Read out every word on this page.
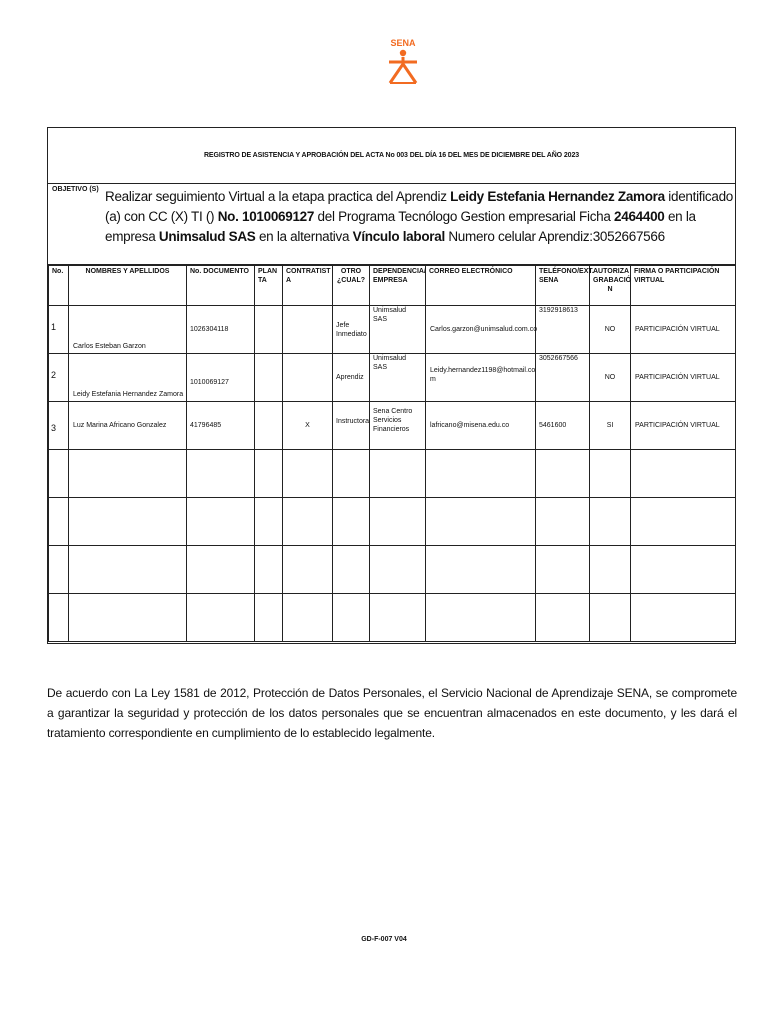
SENA
REGISTRO DE ASISTENCIA Y APROBACIÓN DEL ACTA No 003 DEL DÍA 16 DEL MES DE DICIEMBRE DEL AÑO 2023
OBJETIVO (S) Realizar seguimiento Virtual a la etapa practica del Aprendiz Leidy Estefania Hernandez Zamora identificado (a) con CC (X) TI () No. 1010069127 del Programa Tecnólogo Gestion empresarial Ficha 2464400 en la empresa Unimsalud SAS en la alternativa Vínculo laboral Numero celular Aprendiz:3052667566
No.	NOMBRES Y APELLIDOS	No. DOCUMENTO	PLAN TA	CONTRATIST A	OTRO ¿CUAL?	DEPENDENCIA/ EMPRESA	CORREO ELECTRÓNICO	TELÉFONO/EXT. SENA	AUTORIZA GRABACIÓ N	FIRMA O PARTICIPACIÓN VIRTUAL

1	Carlos Esteban Garzon	1026304118			Jefe Inmediato	Unimsalud SAS	Carlos.garzon@unimsalud.com.co	3192918613	NO	PARTICIPACIÓN VIRTUAL

2	Leidy Estefania Hernandez Zamora	1010069127			Aprendiz	Unimsalud SAS	Leidy.hernandez1198@hotmail.co m	3052667566	NO	PARTICIPACIÓN VIRTUAL

3	Luz Marina Africano Gonzalez	41796485		X	Instructora	Sena Centro Servicios Financieros	lafricano@misena.edu.co	5461600	SI	PARTICIPACIÓN VIRTUAL

De acuerdo con La Ley 1581 de 2012, Protección de Datos Personales, el Servicio Nacional de Aprendizaje SENA, se compromete a garantizar la seguridad y protección de los datos personales que se encuentran almacenados en este documento, y les dará el tratamiento correspondiente en cumplimiento de lo establecido legalmente.
GD-F-007 V04
